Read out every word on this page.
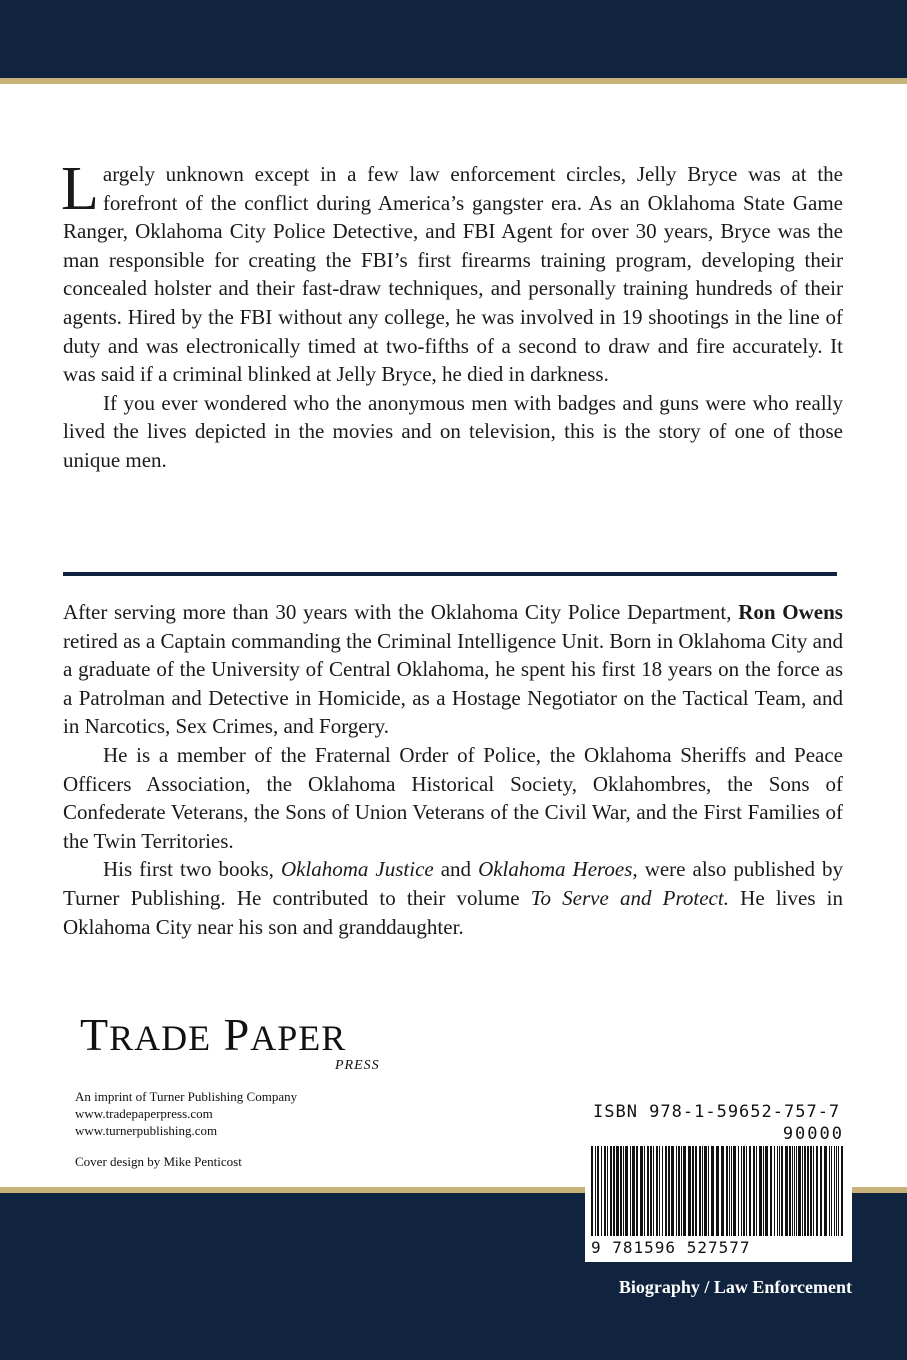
Largely unknown except in a few law enforcement circles, Jelly Bryce was at the forefront of the conflict during America’s gangster era. As an Oklahoma State Game Ranger, Oklahoma City Police Detective, and FBI Agent for over 30 years, Bryce was the man responsible for creating the FBI’s first firearms training program, developing their concealed holster and their fast-draw techniques, and personally training hundreds of their agents. Hired by the FBI without any college, he was involved in 19 shootings in the line of duty and was electronically timed at two-fifths of a second to draw and fire accurately. It was said if a criminal blinked at Jelly Bryce, he died in darkness.

If you ever wondered who the anonymous men with badges and guns were who really lived the lives depicted in the movies and on television, this is the story of one of those unique men.

After serving more than 30 years with the Oklahoma City Police Department, Ron Owens retired as a Captain commanding the Criminal Intelligence Unit. Born in Oklahoma City and a graduate of the University of Central Oklahoma, he spent his first 18 years on the force as a Patrolman and Detective in Homicide, as a Hostage Negotiator on the Tactical Team, and in Narcotics, Sex Crimes, and Forgery.

He is a member of the Fraternal Order of Police, the Oklahoma Sheriffs and Peace Officers Association, the Oklahoma Historical Society, Oklahombres, the Sons of Confederate Veterans, the Sons of Union Veterans of the Civil War, and the First Families of the Twin Territories.

His first two books, Oklahoma Justice and Oklahoma Heroes, were also published by Turner Publishing. He contributed to their volume To Serve and Protect. He lives in Oklahoma City near his son and granddaughter.

TRADE PAPER
PRESS
An imprint of Turner Publishing Company
www.tradepaperpress.com
www.turnerpublishing.com
Cover design by Mike Penticost
ISBN 978-1-59652-757-7
90000
9 781596 527577
Biography / Law Enforcement
